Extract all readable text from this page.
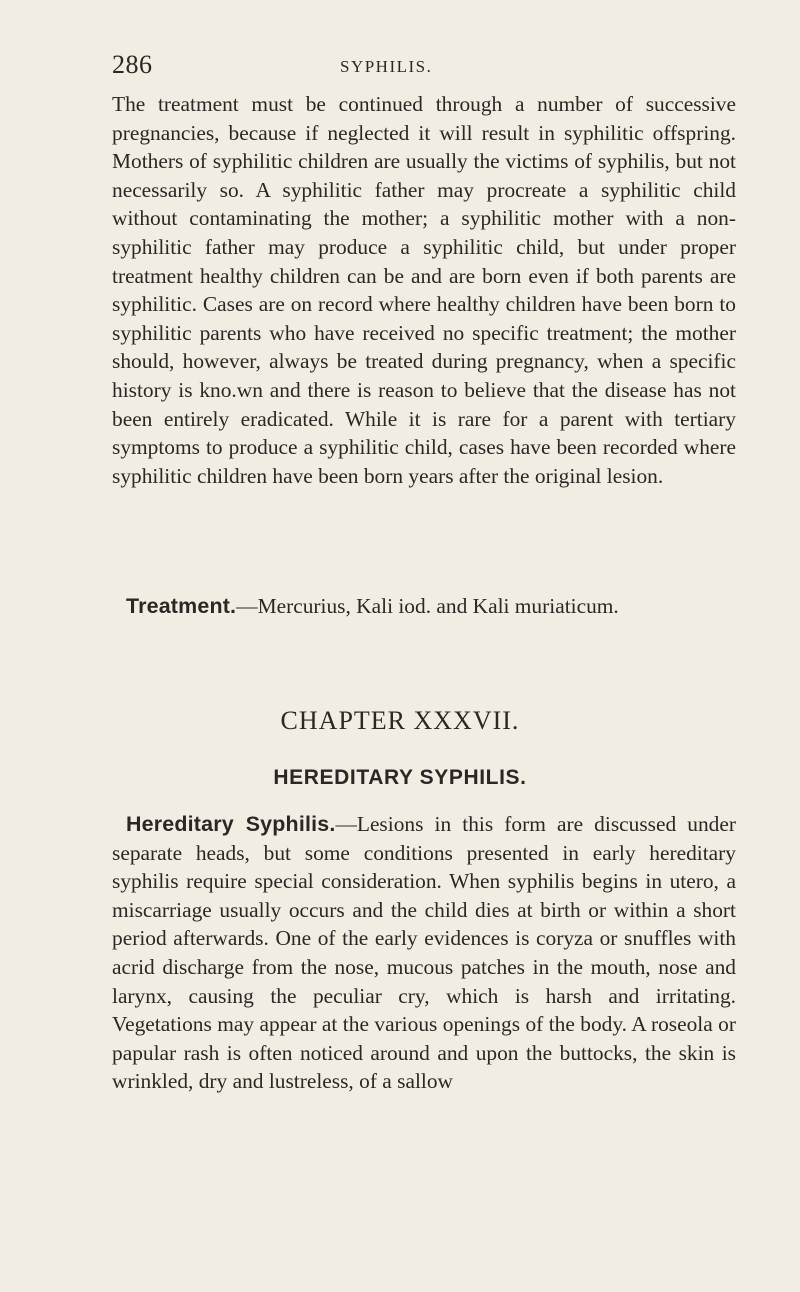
286	SYPHILIS.

The treatment must be continued through a number of successive pregnancies, because if neglected it will result in syphilitic offspring. Mothers of syphilitic children are usually the victims of syphilis, but not necessarily so. A syphilitic father may procreate a syphilitic child without contaminating the mother; a syphilitic mother with a non-syphilitic father may produce a syphilitic child, but under proper treatment healthy children can be and are born even if both parents are syphilitic. Cases are on record where healthy children have been born to syphilitic parents who have received no specific treatment; the mother should, however, always be treated during pregnancy, when a specific history is kno.wn and there is reason to believe that the disease has not been entirely eradicated. While it is rare for a parent with tertiary symptoms to produce a syphilitic child, cases have been recorded where syphilitic children have been born years after the original lesion.

Treatment.—Mercurius, Kali iod. and Kali muriaticum.

CHAPTER XXXVII.
HEREDITARY SYPHILIS.

Hereditary Syphilis.—Lesions in this form are discussed under separate heads, but some conditions presented in early hereditary syphilis require special consideration. When syphilis begins in utero, a miscarriage usually occurs and the child dies at birth or within a short period afterwards. One of the early evidences is coryza or snuffles with acrid discharge from the nose, mucous patches in the mouth, nose and larynx, causing the peculiar cry, which is harsh and irritating. Vegetations may appear at the various openings of the body. A roseola or papular rash is often noticed around and upon the buttocks, the skin is wrinkled, dry and lustreless, of a sallow
